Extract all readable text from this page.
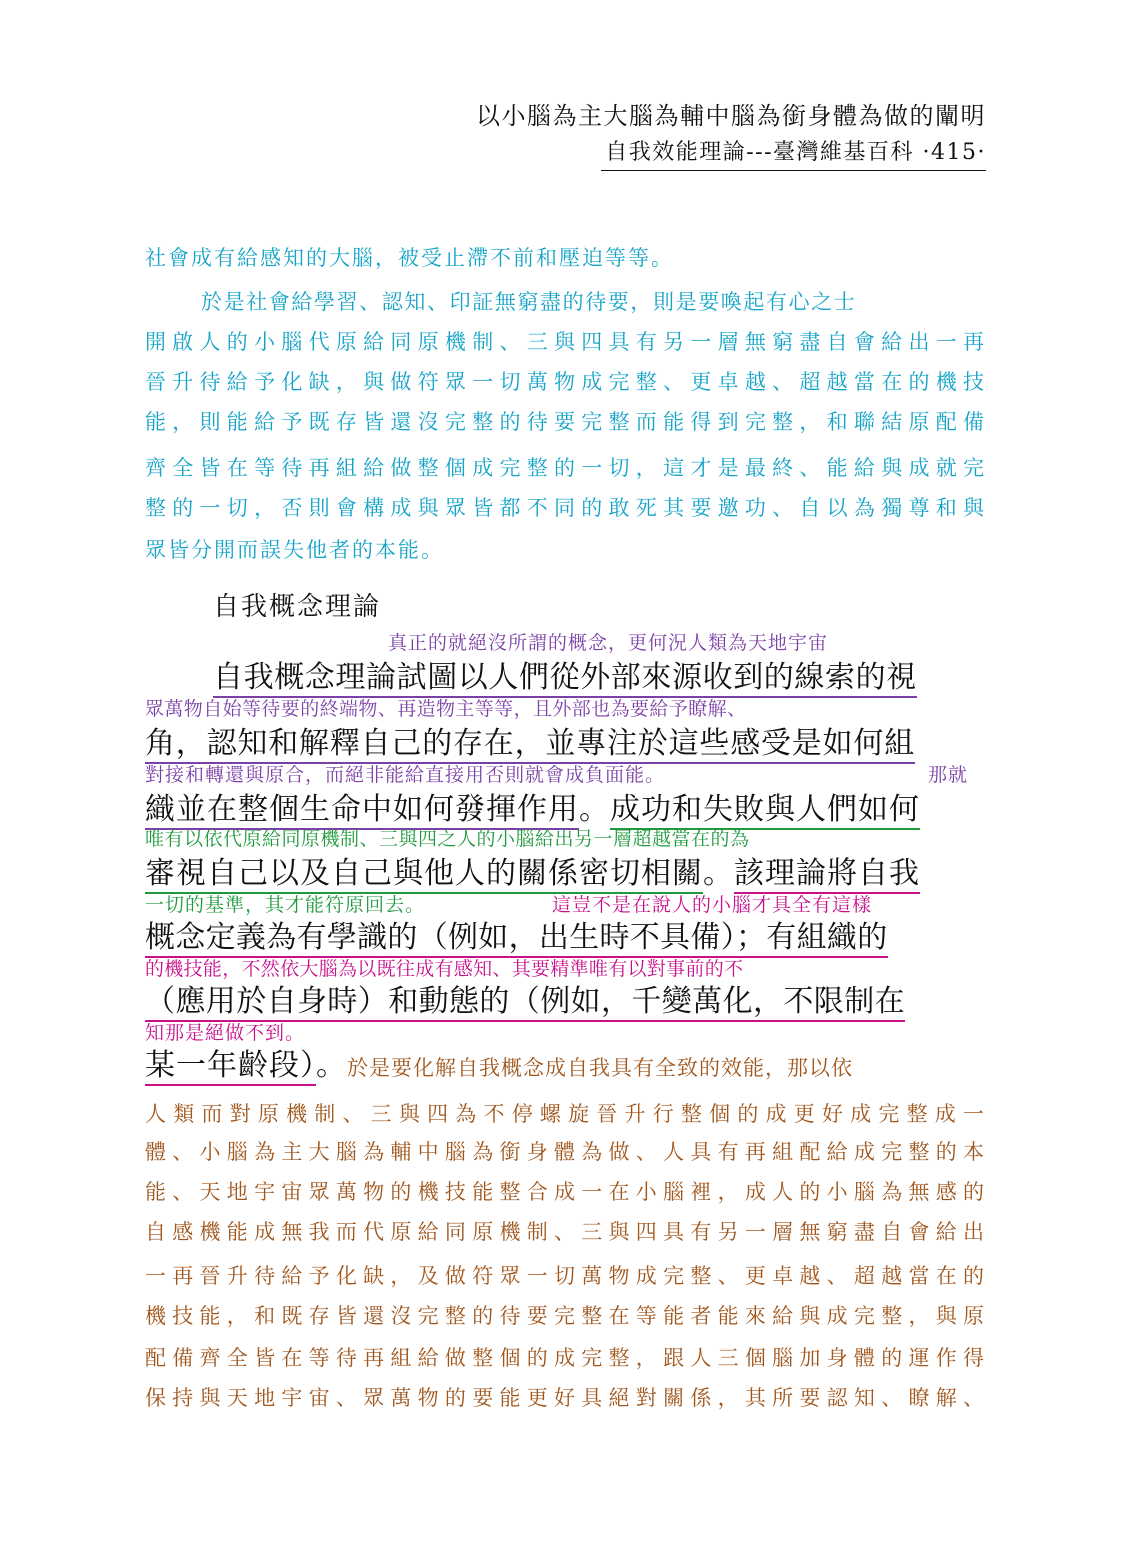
以小腦為主大腦為輔中腦為銜身體為做的闡明
自我效能理論---臺灣維基百科 ·415·
社會成有給感知的大腦，被受止滯不前和壓迫等等。
於是社會給學習、認知、印証無窮盡的待要，則是要喚起有心之士
開啟人的小腦代原給同原機制、三與四具有另一層無窮盡自會給出一再
晉升待給予化缺，與做符眾一切萬物成完整、更卓越、超越當在的機技
能，則能給予既存皆還沒完整的待要完整而能得到完整，和聯結原配備
齊全皆在等待再組給做整個成完整的一切，這才是最終、能給與成就完
整的一切，否則會構成與眾皆都不同的敢死其要邀功、自以為獨尊和與
眾皆分開而誤失他者的本能。
自我概念理論
真正的就絕沒所謂的概念，更何況人類為天地宇宙
自我概念理論試圖以人們從外部來源收到的線索的視
眾萬物自始等待要的終端物、再造物主等等，且外部也為要給予瞭解、
角，認知和解釋自己的存在，並專注於這些感受是如何組
對接和轉還與原合，而絕非能給直接用否則就會成負面能。	那就
織並在整個生命中如何發揮作用。成功和失敗與人們如何
唯有以依代原給同原機制、三與四之人的小腦給出另一層超越當在的為
審視自己以及自己與他人的關係密切相關。該理論將自我
一切的基準，其才能符原回去。	這豈不是在說人的小腦才具全有這樣
概念定義為有學識的（例如，出生時不具備）；有組織的
的機技能，不然依大腦為以既往成有感知、其要精準唯有以對事前的不
（應用於自身時）和動態的（例如，千變萬化，不限制在
知那是絕做不到。
某一年齡段）。於是要化解自我概念成自我具有全致的效能，那以依
人類而對原機制、三與四為不停螺旋晉升行整個的成更好成完整成一
體、小腦為主大腦為輔中腦為銜身體為做、人具有再組配給成完整的本
能、天地宇宙眾萬物的機技能整合成一在小腦裡，成人的小腦為無感的
自感機能成無我而代原給同原機制、三與四具有另一層無窮盡自會給出
一再晉升待給予化缺，及做符眾一切萬物成完整、更卓越、超越當在的
機技能，和既存皆還沒完整的待要完整在等能者能來給與成完整，與原
配備齊全皆在等待再組給做整個的成完整，跟人三個腦加身體的運作得
保持與天地宇宙、眾萬物的要能更好具絕對關係，其所要認知、瞭解、
